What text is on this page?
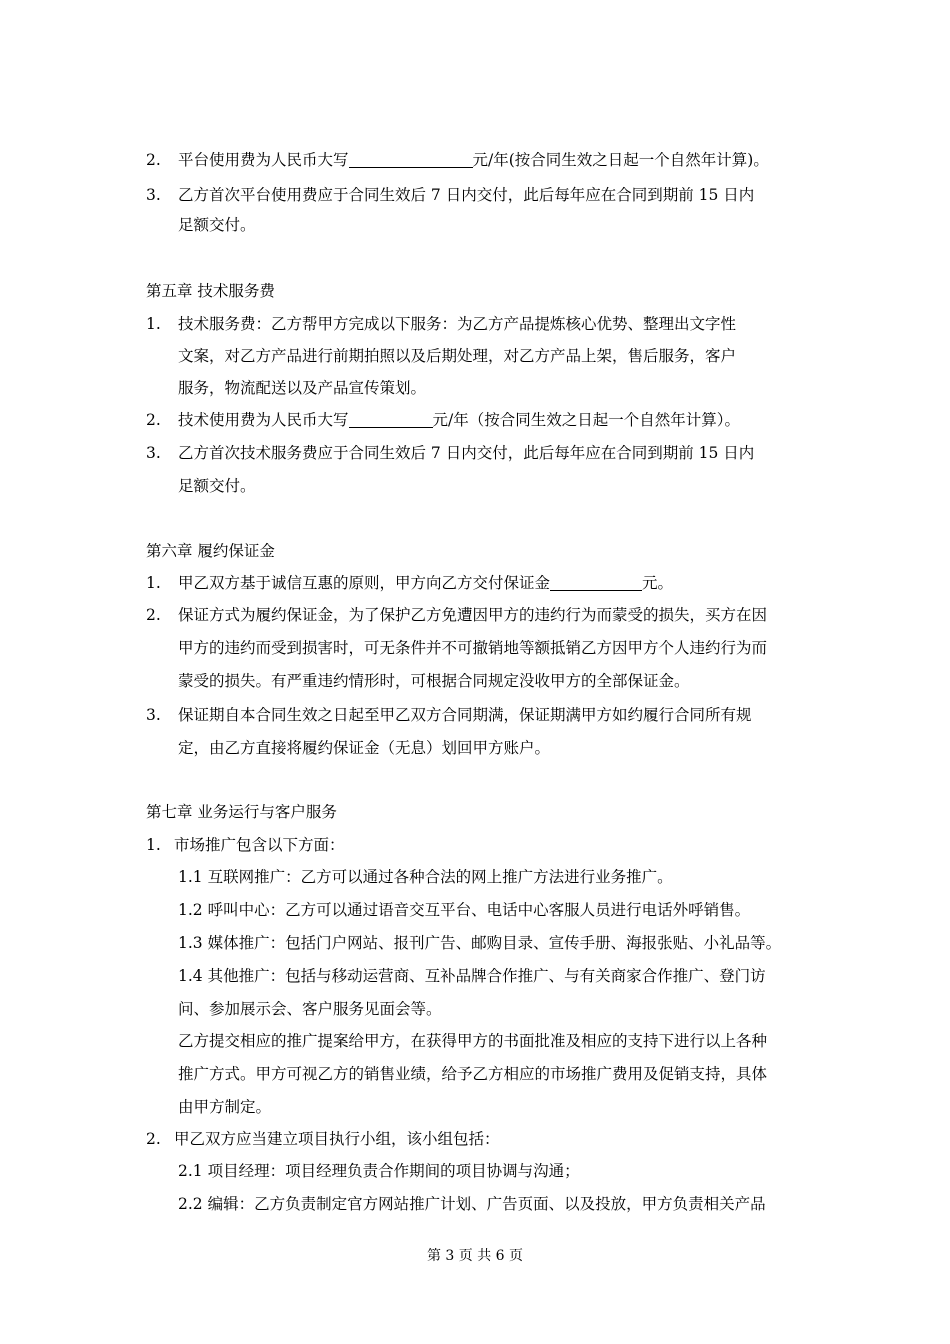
2. 平台使用费为人民币大写	元/年(按合同生效之日起一个自然年计算)。
3. 乙方首次平台使用费应于合同生效后 7 日内交付，此后每年应在合同到期前 15 日内
足额交付。
第五章 技术服务费
1. 技术服务费：乙方帮甲方完成以下服务：为乙方产品提炼核心优势、整理出文字性
文案，对乙方产品进行前期拍照以及后期处理，对乙方产品上架，售后服务，客户
服务，物流配送以及产品宣传策划。
2. 技术使用费为人民币大写	元/年（按合同生效之日起一个自然年计算）。
3. 乙方首次技术服务费应于合同生效后 7 日内交付，此后每年应在合同到期前 15 日内
足额交付。
第六章 履约保证金
1. 甲乙双方基于诚信互惠的原则，甲方向乙方交付保证金	元。
2. 保证方式为履约保证金，为了保护乙方免遭因甲方的违约行为而蒙受的损失，买方在因
甲方的违约而受到损害时，可无条件并不可撤销地等额抵销乙方因甲方个人违约行为而
蒙受的损失。有严重违约情形时，可根据合同规定没收甲方的全部保证金。
3. 保证期自本合同生效之日起至甲乙双方合同期满，保证期满甲方如约履行合同所有规
定，由乙方直接将履约保证金（无息）划回甲方账户。
第七章 业务运行与客户服务
1. 市场推广包含以下方面：
1.1 互联网推广：乙方可以通过各种合法的网上推广方法进行业务推广。
1.2 呼叫中心：乙方可以通过语音交互平台、电话中心客服人员进行电话外呼销售。
1.3 媒体推广：包括门户网站、报刊广告、邮购目录、宣传手册、海报张贴、小礼品等。
1.4 其他推广：包括与移动运营商、互补品牌合作推广、与有关商家合作推广、登门访
问、参加展示会、客户服务见面会等。
乙方提交相应的推广提案给甲方，在获得甲方的书面批准及相应的支持下进行以上各种
推广方式。甲方可视乙方的销售业绩，给予乙方相应的市场推广费用及促销支持，具体
由甲方制定。
2. 甲乙双方应当建立项目执行小组，该小组包括：
2.1 项目经理：项目经理负责合作期间的项目协调与沟通；
2.2 编辑：乙方负责制定官方网站推广计划、广告页面、以及投放，甲方负责相关产品
第 3 页 共 6 页
